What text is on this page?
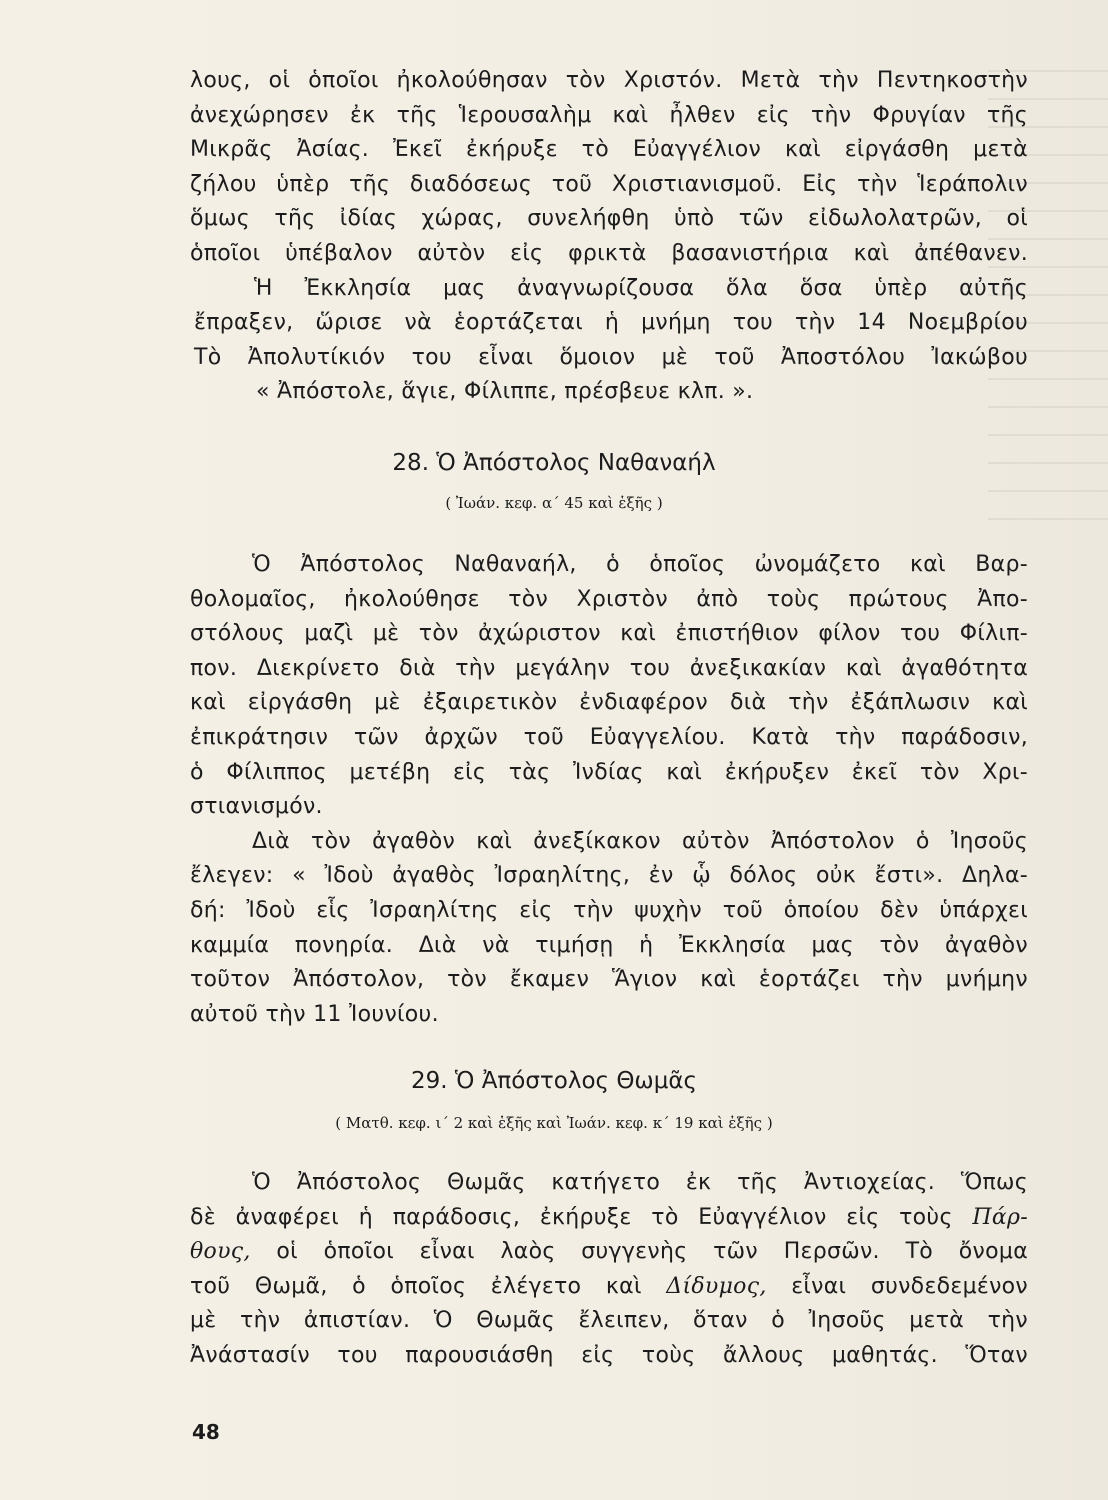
λους, οἱ ὁποῖοι ἠκολούθησαν τὸν Χριστόν. Μετὰ τὴν Πεντηκοστὴν
ἀνεχώρησεν ἐκ τῆς Ἱερουσαλὴμ καὶ ἦλθεν εἰς τὴν Φρυγίαν τῆς
Μικρᾶς Ἀσίας. Ἐκεῖ ἐκήρυξε τὸ Εὐαγγέλιον καὶ εἰργάσθη μετὰ
ζήλου ὑπὲρ τῆς διαδόσεως τοῦ Χριστιανισμοῦ. Εἰς τὴν Ἱεράπολιν
ὅμως τῆς ἰδίας χώρας, συνελήφθη ὑπὸ τῶν εἰδωλολατρῶν, οἱ
ὁποῖοι ὑπέβαλον αὐτὸν εἰς φρικτὰ βασανιστήρια καὶ ἀπέθανεν.
Ἡ Ἐκκλησία μας ἀναγνωρίζουσα ὅλα ὅσα ὑπὲρ αὐτῆς
ἔπραξεν, ὥρισε νὰ ἑορτάζεται ἡ μνήμη του τὴν 14 Νοεμβρίου
Τὸ Ἀπολυτίκιόν του εἶναι ὅμοιον μὲ τοῦ Ἀποστόλου Ἰακώβου
« Ἀπόστολε, ἅγιε, Φίλιππε, πρέσβευε κλπ. ».
28. Ὁ Ἀπόστολος Ναθαναήλ
( Ἰωάν. κεφ. α΄ 45 καὶ ἑξῆς )
Ὁ Ἀπόστολος Ναθαναήλ, ὁ ὁποῖος ὠνομάζετο καὶ Βαρ-
θολομαῖος, ἠκολούθησε τὸν Χριστὸν ἀπὸ τοὺς πρώτους Ἀπο-
στόλους μαζὶ μὲ τὸν ἀχώριστον καὶ ἐπιστήθιον φίλον του Φίλιπ-
πον. Διεκρίνετο διὰ τὴν μεγάλην του ἀνεξικακίαν καὶ ἀγαθότητα
καὶ εἰργάσθη μὲ ἐξαιρετικὸν ἐνδιαφέρον διὰ τὴν ἐξάπλωσιν καὶ
ἐπικράτησιν τῶν ἀρχῶν τοῦ Εὐαγγελίου. Κατὰ τὴν παράδοσιν,
ὁ Φίλιππος μετέβη εἰς τὰς Ἰνδίας καὶ ἐκήρυξεν ἐκεῖ τὸν Χρι-
στιανισμόν.
Διὰ τὸν ἀγαθὸν καὶ ἀνεξίκακον αὐτὸν Ἀπόστολον ὁ Ἰησοῦς
ἔλεγεν: « Ἰδοὺ ἀγαθὸς Ἰσραηλίτης, ἐν ᾧ δόλος οὐκ ἔστι». Δηλα-
δή: Ἰδοὺ εἷς Ἰσραηλίτης εἰς τὴν ψυχὴν τοῦ ὁποίου δὲν ὑπάρχει
καμμία πονηρία. Διὰ νὰ τιμήσῃ ἡ Ἐκκλησία μας τὸν ἀγαθὸν
τοῦτον Ἀπόστολον, τὸν ἔκαμεν Ἅγιον καὶ ἑορτάζει τὴν μνήμην
αὐτοῦ τὴν 11 Ἰουνίου.
29. Ὁ Ἀπόστολος Θωμᾶς
( Ματθ. κεφ. ι΄ 2 καὶ ἑξῆς καὶ Ἰωάν. κεφ. κ΄ 19 καὶ ἑξῆς )
Ὁ Ἀπόστολος Θωμᾶς κατήγετο ἐκ τῆς Ἀντιοχείας. Ὅπως
δὲ ἀναφέρει ἡ παράδοσις, ἐκήρυξε τὸ Εὐαγγέλιον εἰς τοὺς Πάρ-
θους, οἱ ὁποῖοι εἶναι λαὸς συγγενὴς τῶν Περσῶν. Τὸ ὄνομα
τοῦ Θωμᾶ, ὁ ὁποῖος ἐλέγετο καὶ Δίδυμος, εἶναι συνδεδεμένον
μὲ τὴν ἀπιστίαν. Ὁ Θωμᾶς ἔλειπεν, ὅταν ὁ Ἰησοῦς μετὰ τὴν
Ἀνάστασίν του παρουσιάσθη εἰς τοὺς ἄλλους μαθητάς. Ὅταν
48
